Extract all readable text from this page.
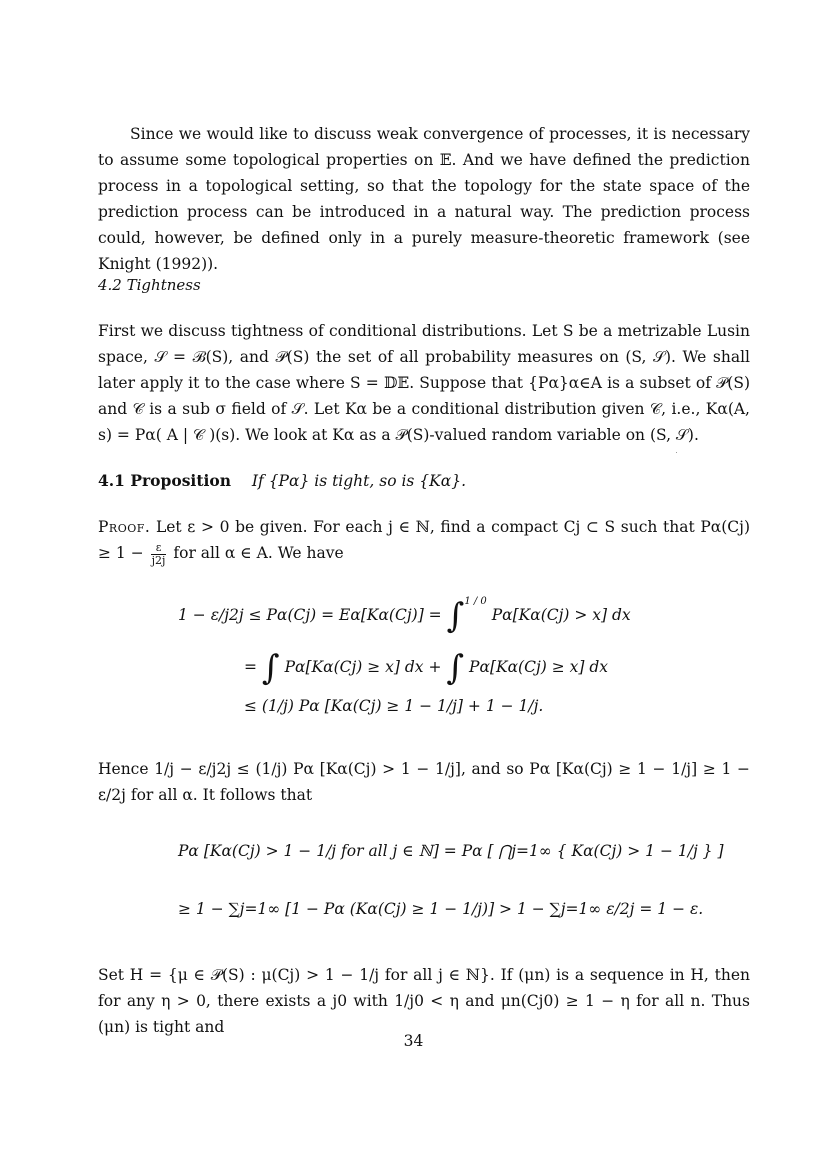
Since we would like to discuss weak convergence of processes, it is necessary to assume some topological properties on 𝔼. And we have defined the prediction process in a topological setting, so that the topology for the state space of the prediction process can be introduced in a natural way. The prediction process could, however, be defined only in a purely measure-theoretic framework (see Knight (1992)).

4.2 Tightness

First we discuss tightness of conditional distributions. Let S be a metrizable Lusin space, 𝒮 = ℬ(S), and 𝒫(S) the set of all probability measures on (S, 𝒮). We shall later apply it to the case where S = 𝔻𝔼. Suppose that {Pα}α∈A is a subset of 𝒫(S) and 𝒞 is a sub σ field of 𝒮. Let Kα be a conditional distribution given 𝒞, i.e., Kα(A, s) = Pα( A | 𝒞 )(s). We look at Kα as a 𝒫(S)-valued random variable on (S, 𝒮).

4.1 Proposition If {Pα} is tight, so is {Kα}.

Proof. Let ε > 0 be given. For each j ∈ ℕ, find a compact Cj ⊂ S such that $P\alpha(Cj) \ge 1 - \frac{\varepsilon}{j2j}$ for all α ∈ A. We have

1 − ε/j2j ≤ Pα(Cj) = Eα[Kα(Cj)] = ∫$^{1 / 0}$ Pα[Kα(Cj) > x] dx
= ∫ Pα[Kα(Cj) ≥ x] dx + ∫ Pα[Kα(Cj) ≥ x] dx
≤ (1/j) Pα [Kα(Cj) ≥ 1 − 1/j] + 1 − 1/j.

Hence 1/j − ε/j2j ≤ (1/j) Pα [Kα(Cj) > 1 − 1/j], and so Pα [Kα(Cj) ≥ 1 − 1/j] ≥ 1 − ε/2j for all α. It follows that

Pα [Kα(Cj) > 1 − 1/j for all j ∈ ℕ] = Pα [ ⋂j=1∞ { Kα(Cj) > 1 − 1/j } ]
≥ 1 − ∑j=1∞ [1 − Pα (Kα(Cj) ≥ 1 − 1/j)] > 1 − ∑j=1∞ ε/2j = 1 − ε.

Set H = {μ ∈ 𝒫(S) : μ(Cj) > 1 − 1/j for all j ∈ ℕ}. If (μn) is a sequence in H, then for any η > 0, there exists a j0 with 1/j0 < η and μn(Cj0) ≥ 1 − η for all n. Thus (μn) is tight and

34
